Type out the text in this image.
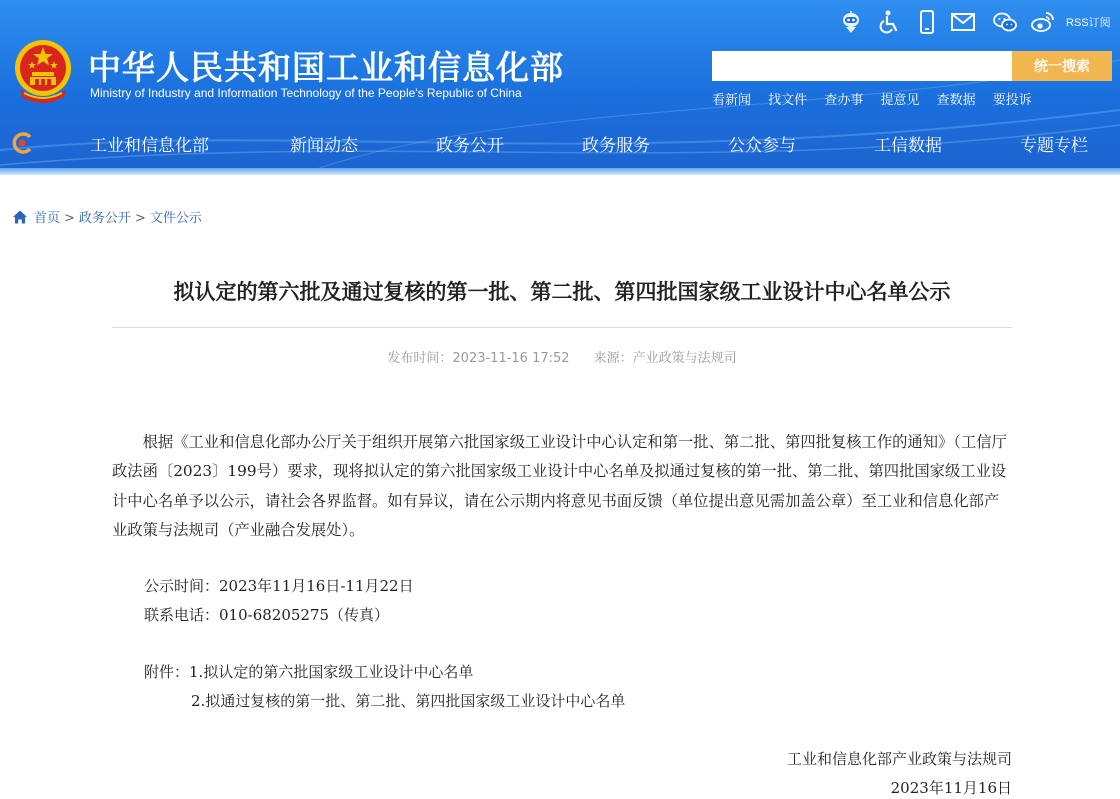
中华人民共和国工业和信息化部

Ministry of Industry and Information Technology of the People's Republic of China

RSS订阅
统一搜索
看新闻 找文件 查办事 提意见 查数据 要投诉
工业和信息化部	新闻动态	政务公开	政务服务	公众参与	工信数据	专题专栏
首页 > 政务公开 > 文件公示
拟认定的第六批及通过复核的第一批、第二批、第四批国家级工业设计中心名单公示
发布时间：2023-11-16 17:52 来源：产业政策与法规司

根据《工业和信息化部办公厅关于组织开展第六批国家级工业设计中心认定和第一批、第二批、第四批复核工作的通知》（工信厅政法函〔2023〕199号）要求，现将拟认定的第六批国家级工业设计中心名单及拟通过复核的第一批、第二批、第四批国家级工业设计中心名单予以公示，请社会各界监督。如有异议，请在公示期内将意见书面反馈（单位提出意见需加盖公章）至工业和信息化部产业政策与法规司（产业融合发展处）。

公示时间：2023年11月16日-11月22日
联系电话：010-68205275（传真）
附件：1.拟认定的第六批国家级工业设计中心名单
2.拟通过复核的第一批、第二批、第四批国家级工业设计中心名单
工业和信息化部产业政策与法规司
2023年11月16日
